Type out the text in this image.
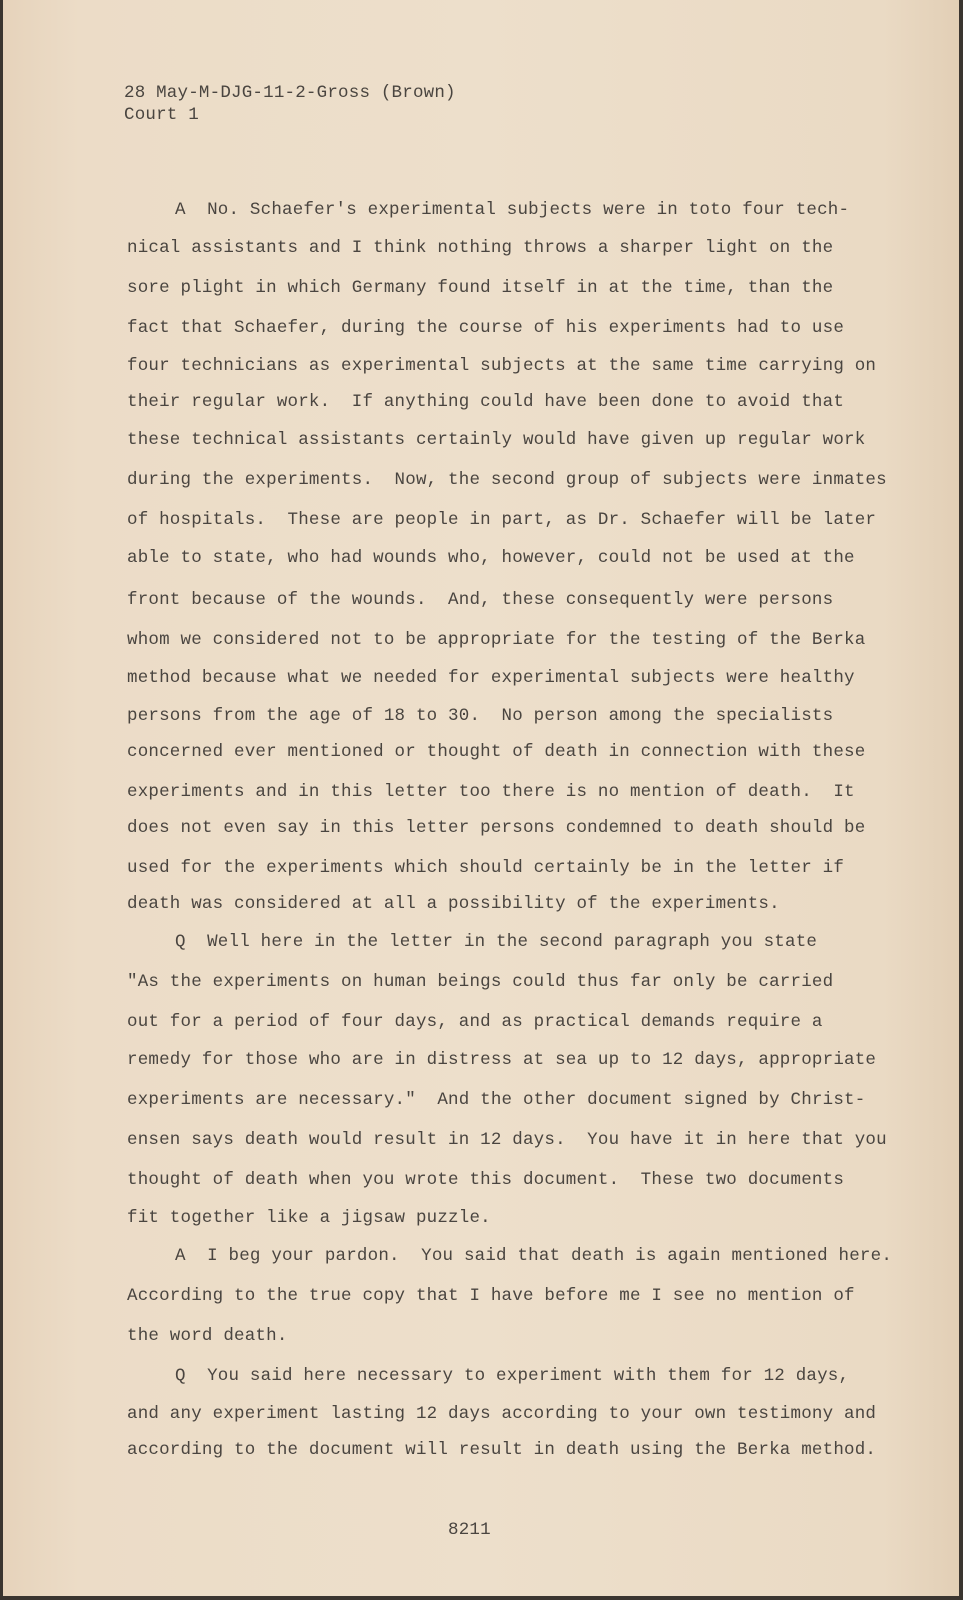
28 May-M-DJG-11-2-Gross (Brown)
Court 1
A  No. Schaefer's experimental subjects were in toto four tech-
nical assistants and I think nothing throws a sharper light on the
sore plight in which Germany found itself in at the time, than the
fact that Schaefer, during the course of his experiments had to use
four technicians as experimental subjects at the same time carrying on
their regular work.  If anything could have been done to avoid that
these technical assistants certainly would have given up regular work
during the experiments.  Now, the second group of subjects were inmates
of hospitals.  These are people in part, as Dr. Schaefer will be later
able to state, who had wounds who, however, could not be used at the
front because of the wounds.  And, these consequently were persons
whom we considered not to be appropriate for the testing of the Berka
method because what we needed for experimental subjects were healthy
persons from the age of 18 to 30.  No person among the specialists
concerned ever mentioned or thought of death in connection with these
experiments and in this letter too there is no mention of death.  It
does not even say in this letter persons condemned to death should be
used for the experiments which should certainly be in the letter if
death was considered at all a possibility of the experiments.
Q  Well here in the letter in the second paragraph you state
"As the experiments on human beings could thus far only be carried
out for a period of four days, and as practical demands require a
remedy for those who are in distress at sea up to 12 days, appropriate
experiments are necessary."  And the other document signed by Christ-
ensen says death would result in 12 days.  You have it in here that you
thought of death when you wrote this document.  These two documents
fit together like a jigsaw puzzle.
A  I beg your pardon.  You said that death is again mentioned here.
According to the true copy that I have before me I see no mention of
the word death.
Q  You said here necessary to experiment with them for 12 days,
and any experiment lasting 12 days according to your own testimony and
according to the document will result in death using the Berka method.
8211
